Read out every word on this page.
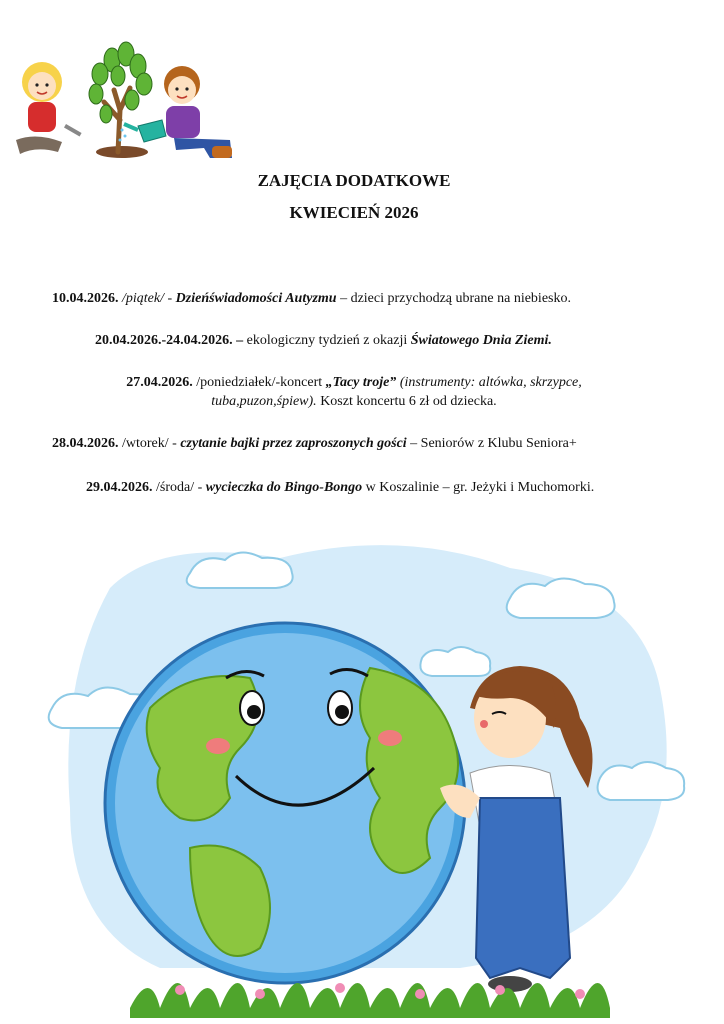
ZAJĘCIA DODATKOWE
KWIECIEŃ 2026
10.04.2026. /piątek/ - Dzieńświadomości Autyzmu – dzieci przychodzą ubrane na niebiesko.
20.04.2026.-24.04.2026. – ekologiczny tydzień z okazji Światowego Dnia Ziemi.
27.04.2026. /poniedziałek/-koncert „Tacy troje” (instrumenty: altówka, skrzypce,
tuba,puzon,śpiew). Koszt koncertu 6 zł od dziecka.
28.04.2026. /wtorek/ - czytanie bajki przez zaproszonych gości – Seniorów z Klubu Seniora+
29.04.2026. /środa/ - wycieczka do Bingo-Bongo w Koszalinie – gr. Jeżyki i Muchomorki.
